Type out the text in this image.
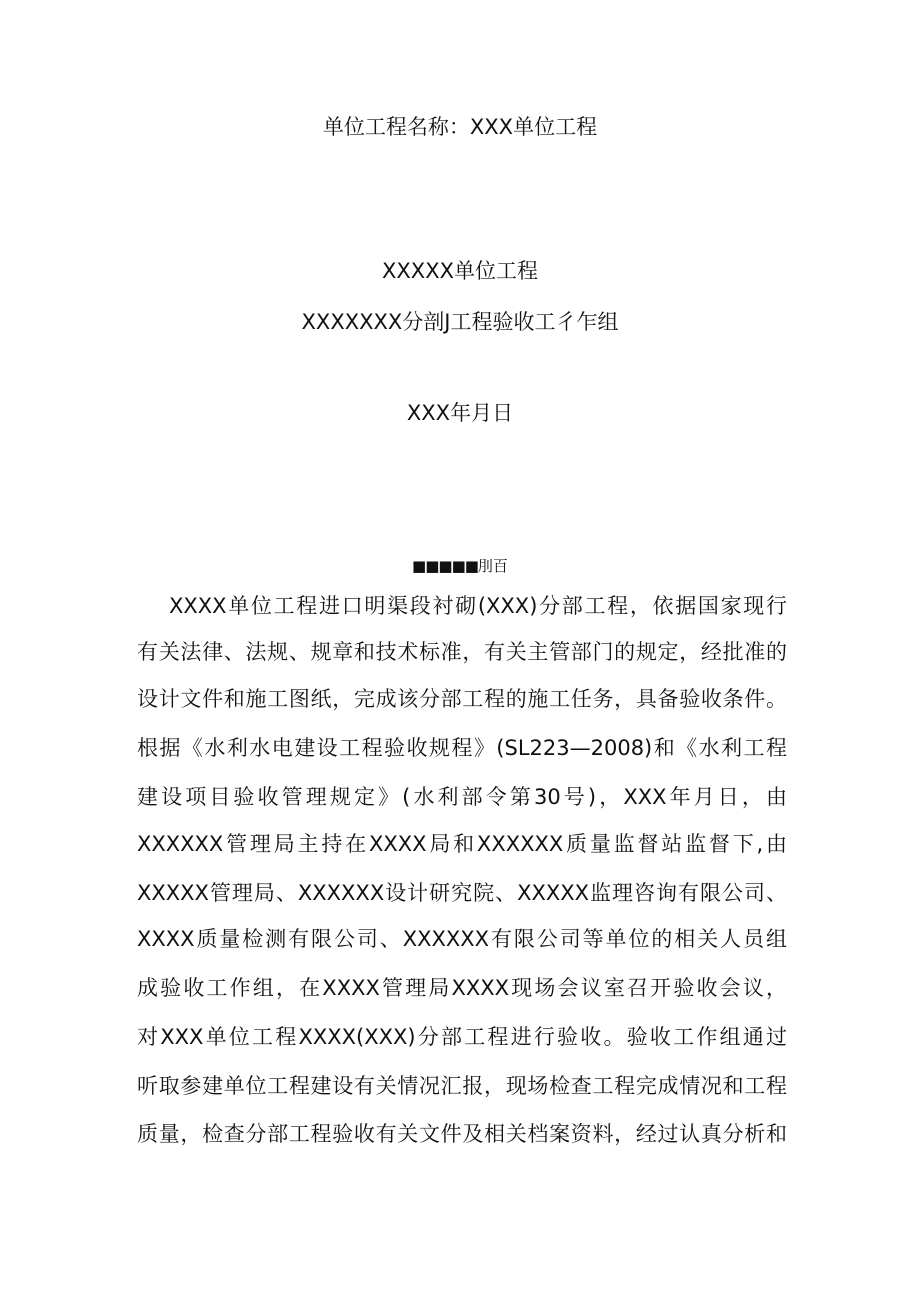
单位工程名称：XXX单位工程
XXXXX单位工程
XXXXXXX分剖J工程验收工彳乍组
XXX年月日
■■■■■刖百
XXXX单位工程进口明渠段衬砌(XXX)分部工程，依据国家现行
有关法律、法规、规章和技术标准，有关主管部门的规定，经批准的
设计文件和施工图纸，完成该分部工程的施工任务，具备验收条件。
根据《水利水电建设工程验收规程》(SL223—2008)和《水利工程
建设项目验收管理规定》(水利部令第30号)，XXX年月日，由
XXXXXX管理局主持在XXXX局和XXXXXX质量监督站监督下,由
XXXXX管理局、XXXXXX设计研究院、XXXXX监理咨询有限公司、
XXXX质量检测有限公司、XXXXXX有限公司等单位的相关人员组
成验收工作组，在XXXX管理局XXXX现场会议室召开验收会议，
对XXX单位工程XXXX(XXX)分部工程进行验收。验收工作组通过
听取参建单位工程建设有关情况汇报，现场检查工程完成情况和工程
质量，检查分部工程验收有关文件及相关档案资料，经过认真分析和
